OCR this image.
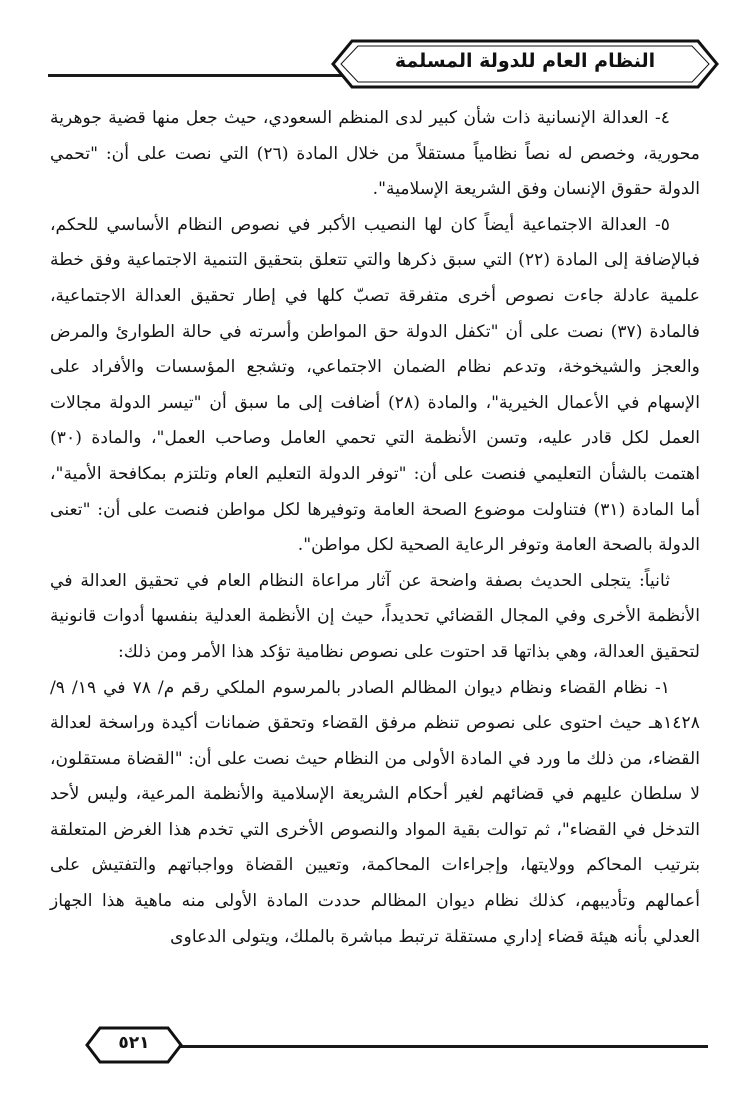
النظام العام للدولة المسلمة

٤- العدالة الإنسانية ذات شأن كبير لدى المنظم السعودي، حيث جعل منها قضية جوهرية محورية، وخصص له نصاً نظامياً مستقلاً من خلال المادة (٢٦) التي نصت على أن: "تحمي الدولة حقوق الإنسان وفق الشريعة الإسلامية".

٥- العدالة الاجتماعية أيضاً كان لها النصيب الأكبر في نصوص النظام الأساسي للحكم، فبالإضافة إلى المادة (٢٢) التي سبق ذكرها والتي تتعلق بتحقيق التنمية الاجتماعية وفق خطة علمية عادلة جاءت نصوص أخرى متفرقة تصبّ كلها في إطار تحقيق العدالة الاجتماعية، فالمادة (٣٧) نصت على أن "تكفل الدولة حق المواطن وأسرته في حالة الطوارئ والمرض والعجز والشيخوخة، وتدعم نظام الضمان الاجتماعي، وتشجع المؤسسات والأفراد على الإسهام في الأعمال الخيرية"، والمادة (٢٨) أضافت إلى ما سبق أن "تيسر الدولة مجالات العمل لكل قادر عليه، وتسن الأنظمة التي تحمي العامل وصاحب العمل"، والمادة (٣٠) اهتمت بالشأن التعليمي فنصت على أن: "توفر الدولة التعليم العام وتلتزم بمكافحة الأمية"، أما المادة (٣١) فتناولت موضوع الصحة العامة وتوفيرها لكل مواطن فنصت على أن: "تعنى الدولة بالصحة العامة وتوفر الرعاية الصحية لكل مواطن".

ثانياً: يتجلى الحديث بصفة واضحة عن آثار مراعاة النظام العام في تحقيق العدالة في الأنظمة الأخرى وفي المجال القضائي تحديداً، حيث إن الأنظمة العدلية بنفسها أدوات قانونية لتحقيق العدالة، وهي بذاتها قد احتوت على نصوص نظامية تؤكد هذا الأمر ومن ذلك:

١- نظام القضاء ونظام ديوان المظالم الصادر بالمرسوم الملكي رقم م/ ٧٨ في ١٩/ ٩/ ١٤٢٨هـ حيث احتوى على نصوص تنظم مرفق القضاء وتحقق ضمانات أكيدة وراسخة لعدالة القضاء، من ذلك ما ورد في المادة الأولى من النظام حيث نصت على أن: "القضاة مستقلون، لا سلطان عليهم في قضائهم لغير أحكام الشريعة الإسلامية والأنظمة المرعية، وليس لأحد التدخل في القضاء"، ثم توالت بقية المواد والنصوص الأخرى التي تخدم هذا الغرض المتعلقة بترتيب المحاكم وولايتها، وإجراءات المحاكمة، وتعيين القضاة وواجباتهم والتفتيش على أعمالهم وتأديبهم، كذلك نظام ديوان المظالم حددت المادة الأولى منه ماهية هذا الجهاز العدلي بأنه هيئة قضاء إداري مستقلة ترتبط مباشرة بالملك، ويتولى الدعاوى

٥٢١
